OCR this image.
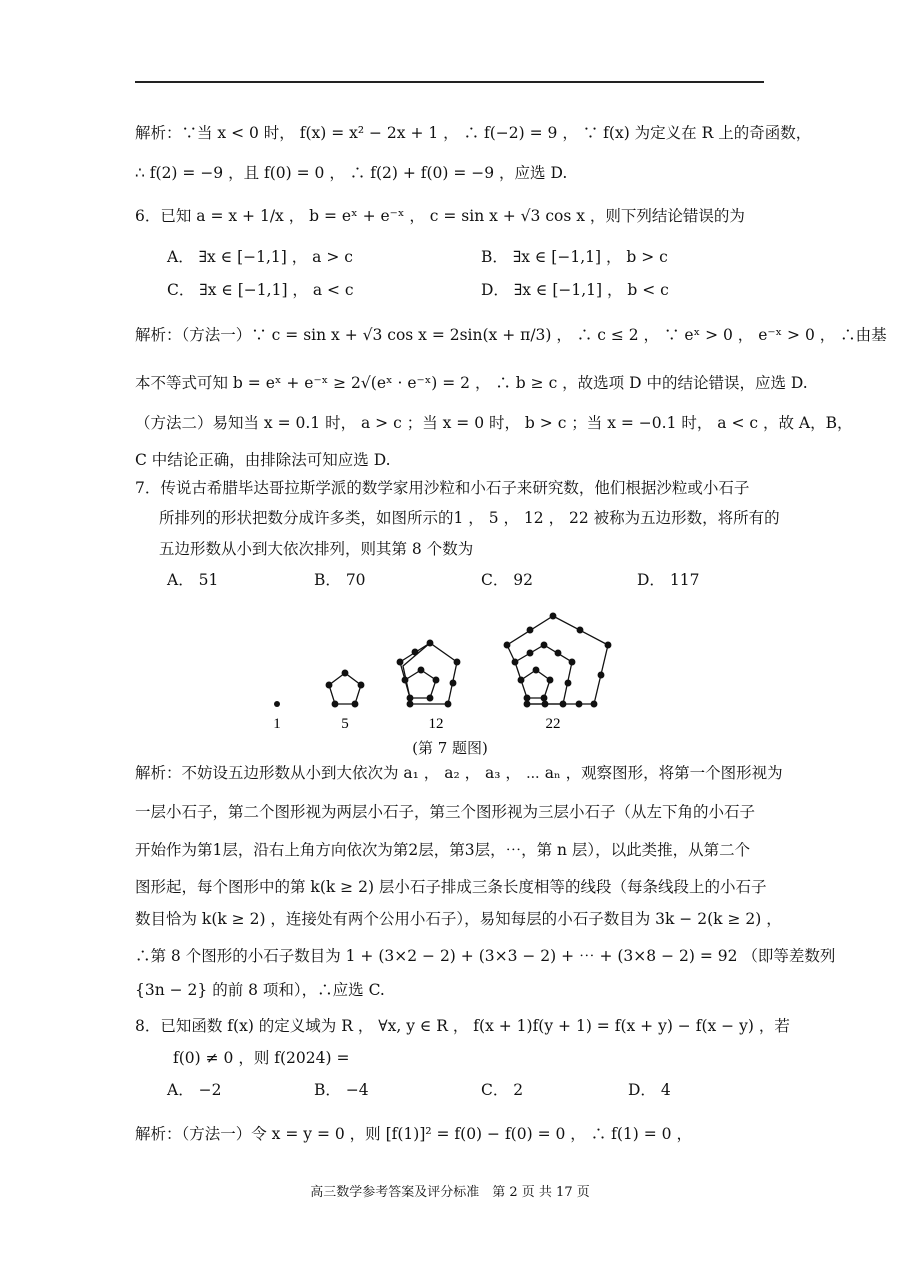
解析：∵当 x < 0 时， f(x) = x² − 2x + 1 ， ∴ f(−2) = 9 ， ∵ f(x) 为定义在 R 上的奇函数，
∴ f(2) = −9 ，且 f(0) = 0 ， ∴ f(2) + f(0) = −9 ，应选 D.
6．已知 a = x + 1/x ， b = eˣ + e⁻ˣ ， c = sin x + √3 cos x ，则下列结论错误的为
A． ∃x ∈ [−1,1] ， a > c	B． ∃x ∈ [−1,1] ， b > c
C． ∃x ∈ [−1,1] ， a < c	D． ∃x ∈ [−1,1] ， b < c
解析：（方法一）∵ c = sin x + √3 cos x = 2sin(x + π/3) ， ∴ c ≤ 2 ， ∵ eˣ > 0 ， e⁻ˣ > 0 ， ∴由基
本不等式可知 b = eˣ + e⁻ˣ ≥ 2√(eˣ · e⁻ˣ) = 2 ， ∴ b ≥ c ，故选项 D 中的结论错误，应选 D.
（方法二）易知当 x = 0.1 时， a > c ；当 x = 0 时， b > c ；当 x = −0.1 时， a < c ，故 A，B，
C 中结论正确，由排除法可知应选 D.
7．传说古希腊毕达哥拉斯学派的数学家用沙粒和小石子来研究数，他们根据沙粒或小石子
所排列的形状把数分成许多类，如图所示的1 ， 5 ， 12 ， 22 被称为五边形数，将所有的
五边形数从小到大依次排列，则其第 8 个数为
A． 51	B． 70	C． 92	D． 117
1	5	12	22
(第 7 题图)
解析：不妨设五边形数从小到大依次为 a₁ ， a₂ ， a₃ ， ⋯ aₙ ，观察图形，将第一个图形视为
一层小石子，第二个图形视为两层小石子，第三个图形视为三层小石子（从左下角的小石子
开始作为第1层，沿右上角方向依次为第2层，第3层，⋯，第 n 层），以此类推，从第二个
图形起，每个图形中的第 k(k ≥ 2) 层小石子排成三条长度相等的线段（每条线段上的小石子
数目恰为 k(k ≥ 2) ，连接处有两个公用小石子），易知每层的小石子数目为 3k − 2(k ≥ 2) ，
∴第 8 个图形的小石子数目为 1 + (3×2 − 2) + (3×3 − 2) + ⋯ + (3×8 − 2) = 92 （即等差数列
{3n − 2} 的前 8 项和），∴应选 C.
8．已知函数 f(x) 的定义域为 R ， ∀x, y ∈ R ， f(x + 1)f(y + 1) = f(x + y) − f(x − y) ，若
f(0) ≠ 0 ，则 f(2024) =
A． −2	B． −4	C． 2	D． 4
解析：（方法一）令 x = y = 0 ，则 [f(1)]² = f(0) − f(0) = 0 ， ∴ f(1) = 0 ，
高三数学参考答案及评分标准　第 2 页 共 17 页
